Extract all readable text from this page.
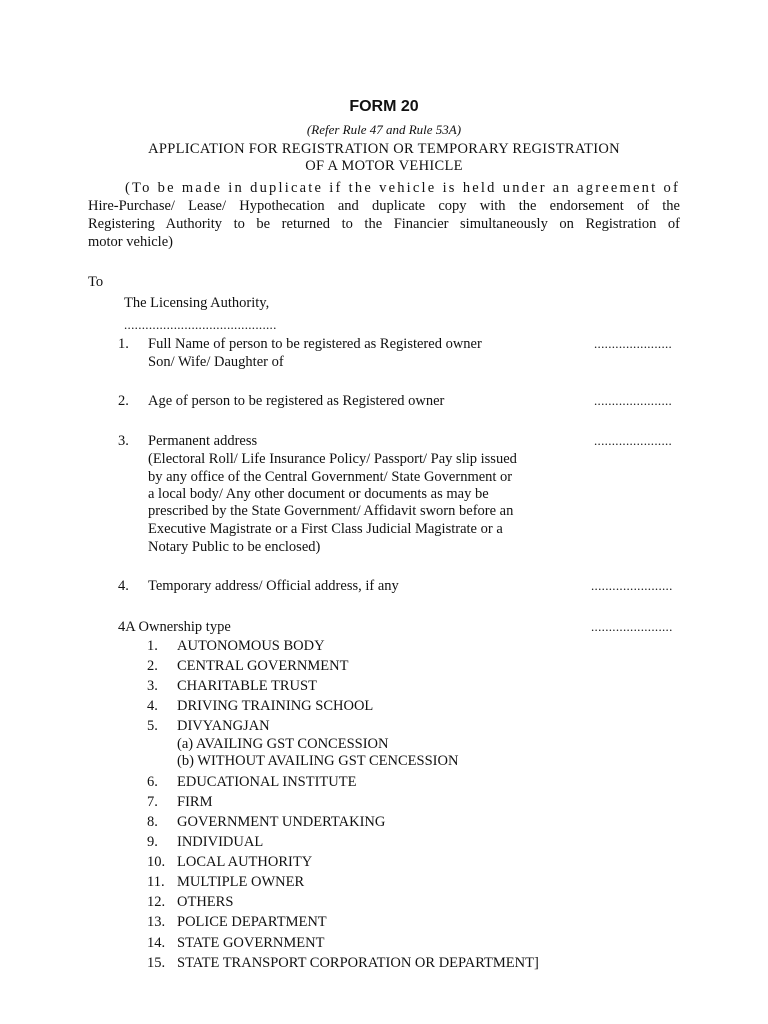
FORM 20
(Refer Rule 47 and Rule 53A)
APPLICATION FOR REGISTRATION OR TEMPORARY REGISTRATION
OF A MOTOR VEHICLE
(To be made in duplicate if the vehicle is held under an agreement of
Hire-Purchase/ Lease/ Hypothecation and duplicate copy with the endorsement of the
Registering Authority to be returned to the Financier simultaneously on Registration of
motor vehicle)
To
The Licensing Authority,
...........................................
1. Full Name of person to be registered as Registered owner
Son/ Wife/ Daughter of
......................
2. Age of person to be registered as Registered owner	......................
3. Permanent address
(Electoral Roll/ Life Insurance Policy/ Passport/ Pay slip issued
by any office of the Central Government/ State Government or
a local body/ Any other document or documents as may be
prescribed by the State Government/ Affidavit sworn before an
Executive Magistrate or a First Class Judicial Magistrate or a
Notary Public to be enclosed)
......................
4. Temporary address/ Official address, if any	.......................
4A Ownership type	.......................
1.	AUTONOMOUS BODY
2.	CENTRAL GOVERNMENT
3.	CHARITABLE TRUST
4.	DRIVING TRAINING SCHOOL
5.	DIVYANGJAN
(a) AVAILING GST CONCESSION
(b) WITHOUT AVAILING GST CENCESSION
6.	EDUCATIONAL INSTITUTE
7.	FIRM
8.	GOVERNMENT UNDERTAKING
9.	INDIVIDUAL
10. LOCAL AUTHORITY
11. MULTIPLE OWNER
12. OTHERS
13. POLICE DEPARTMENT
14. STATE GOVERNMENT
15. STATE TRANSPORT CORPORATION OR DEPARTMENT]
